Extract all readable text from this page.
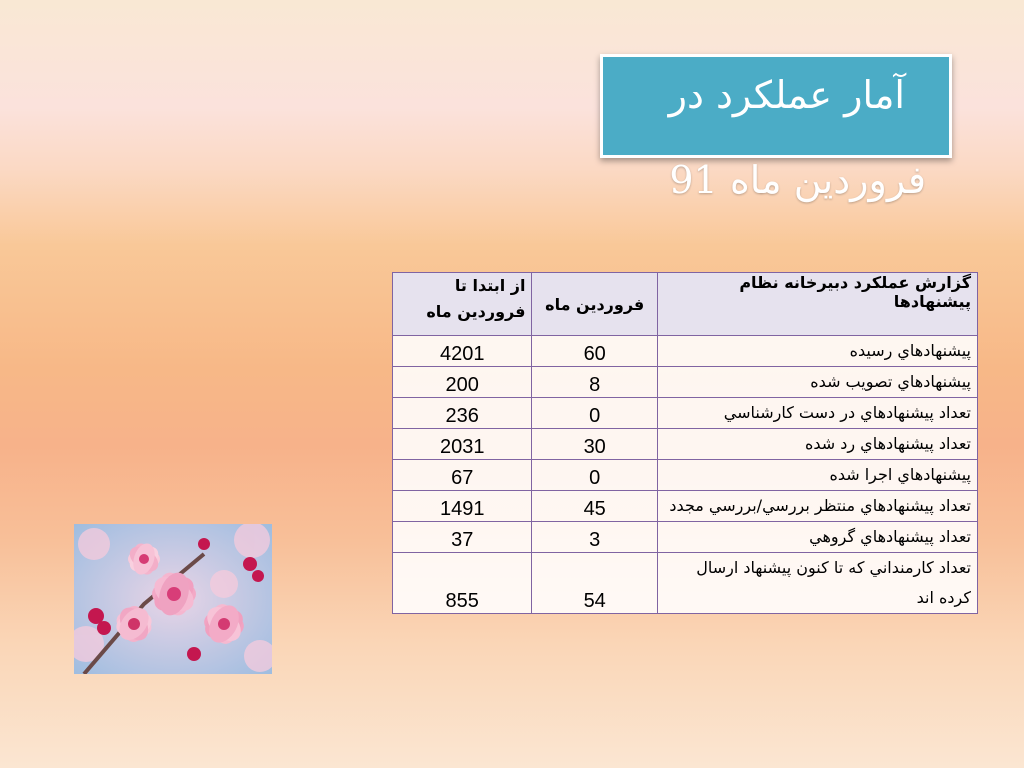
آمار عملکرد در
فروردين ماه 91
گزارش عملکرد دبيرخانه نظام پيشنهادها	فروردين ماه	از ابتدا تا فروردين ماه
پيشنهادهاي رسيده	60	4201
پيشنهادهاي تصويب شده	8	200
تعداد پيشنهادهاي در دست کارشناسي	0	236
تعداد پيشنهادهاي رد شده	30	2031
پيشنهادهاي اجرا شده	0	67
تعداد پيشنهادهاي منتظر بررسي/بررسي مجدد	45	1491
تعداد پيشنهادهاي گروهي	3	37
تعداد کارمنداني که تا کنون پيشنهاد ارسال کرده اند	54	855
